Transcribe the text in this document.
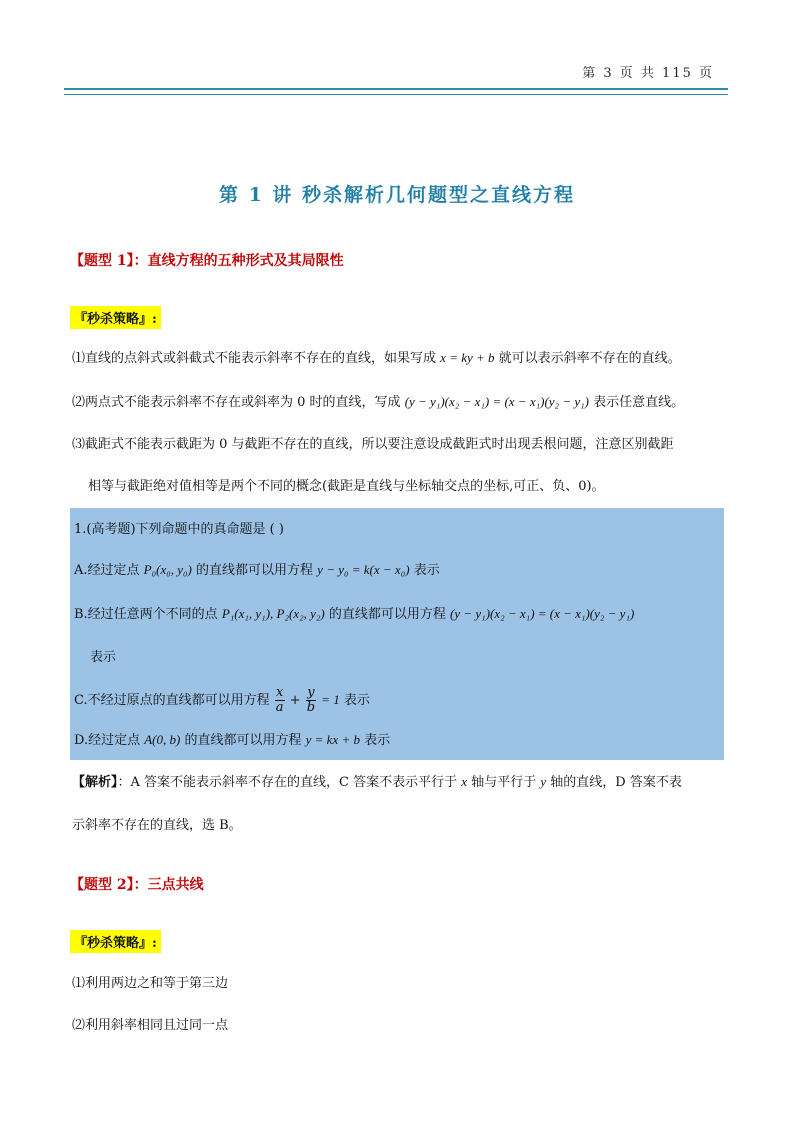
第 3 页 共 115 页
第 1 讲 秒杀解析几何题型之直线方程
【题型 1】：直线方程的五种形式及其局限性
『秒杀策略』:
⑴直线的点斜式或斜截式不能表示斜率不存在的直线，如果写成 x = ky + b 就可以表示斜率不存在的直线。
⑵两点式不能表示斜率不存在或斜率为 0 时的直线，写成 (y − y₁)(x₂ − x₁) = (x − x₁)(y₂ − y₁) 表示任意直线。
⑶截距式不能表示截距为 0 与截距不存在的直线，所以要注意设成截距式时出现丢根问题，注意区别截距
相等与截距绝对值相等是两个不同的概念(截距是直线与坐标轴交点的坐标,可正、负、0)。
1.(高考题)下列命题中的真命题是 ( )
A.经过定点 P₀(x₀, y₀) 的直线都可以用方程 y − y₀ = k(x − x₀) 表示
B.经过任意两个不同的点 P₁(x₁, y₁), P₂(x₂, y₂) 的直线都可以用方程 (y − y₁)(x₂ − x₁) = (x − x₁)(y₂ − y₁)
表示
C.不经过原点的直线都可以用方程 $\frac{x}{a} + \frac{y}{b} = 1$ 表示
D.经过定点 A(0, b) 的直线都可以用方程 y = kx + b 表示
【解析】：A 答案不能表示斜率不存在的直线，C 答案不表示平行于 x 轴与平行于 y 轴的直线，D 答案不表
示斜率不存在的直线，选 B。
【题型 2】：三点共线
『秒杀策略』:
⑴利用两边之和等于第三边
⑵利用斜率相同且过同一点
